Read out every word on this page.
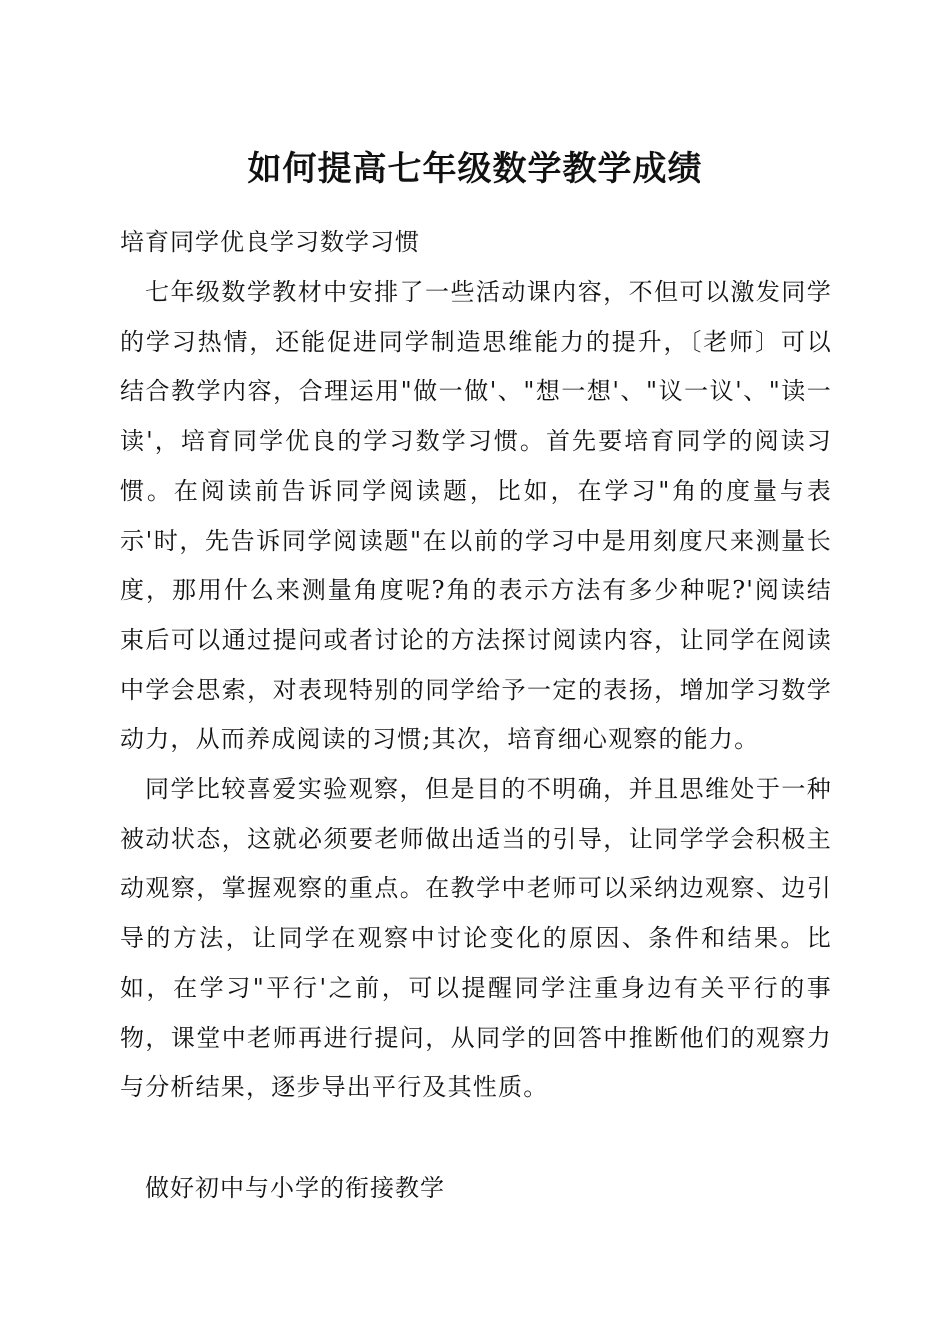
如何提高七年级数学教学成绩

培育同学优良学习数学习惯

七年级数学教材中安排了一些活动课内容，不但可以激发同学的学习热情，还能促进同学制造思维能力的提升，〔老师〕可以结合教学内容，合理运用"做一做'、"想一想'、"议一议'、"读一读'，培育同学优良的学习数学习惯。首先要培育同学的阅读习惯。在阅读前告诉同学阅读题，比如，在学习"角的度量与表示'时，先告诉同学阅读题"在以前的学习中是用刻度尺来测量长度，那用什么来测量角度呢?角的表示方法有多少种呢?'阅读结束后可以通过提问或者讨论的方法探讨阅读内容，让同学在阅读中学会思索，对表现特别的同学给予一定的表扬，增加学习数学动力，从而养成阅读的习惯;其次，培育细心观察的能力。

同学比较喜爱实验观察，但是目的不明确，并且思维处于一种被动状态，这就必须要老师做出适当的引导，让同学学会积极主动观察，掌握观察的重点。在教学中老师可以采纳边观察、边引导的方法，让同学在观察中讨论变化的原因、条件和结果。比如，在学习"平行'之前，可以提醒同学注重身边有关平行的事物，课堂中老师再进行提问，从同学的回答中推断他们的观察力与分析结果，逐步导出平行及其性质。

做好初中与小学的衔接教学
